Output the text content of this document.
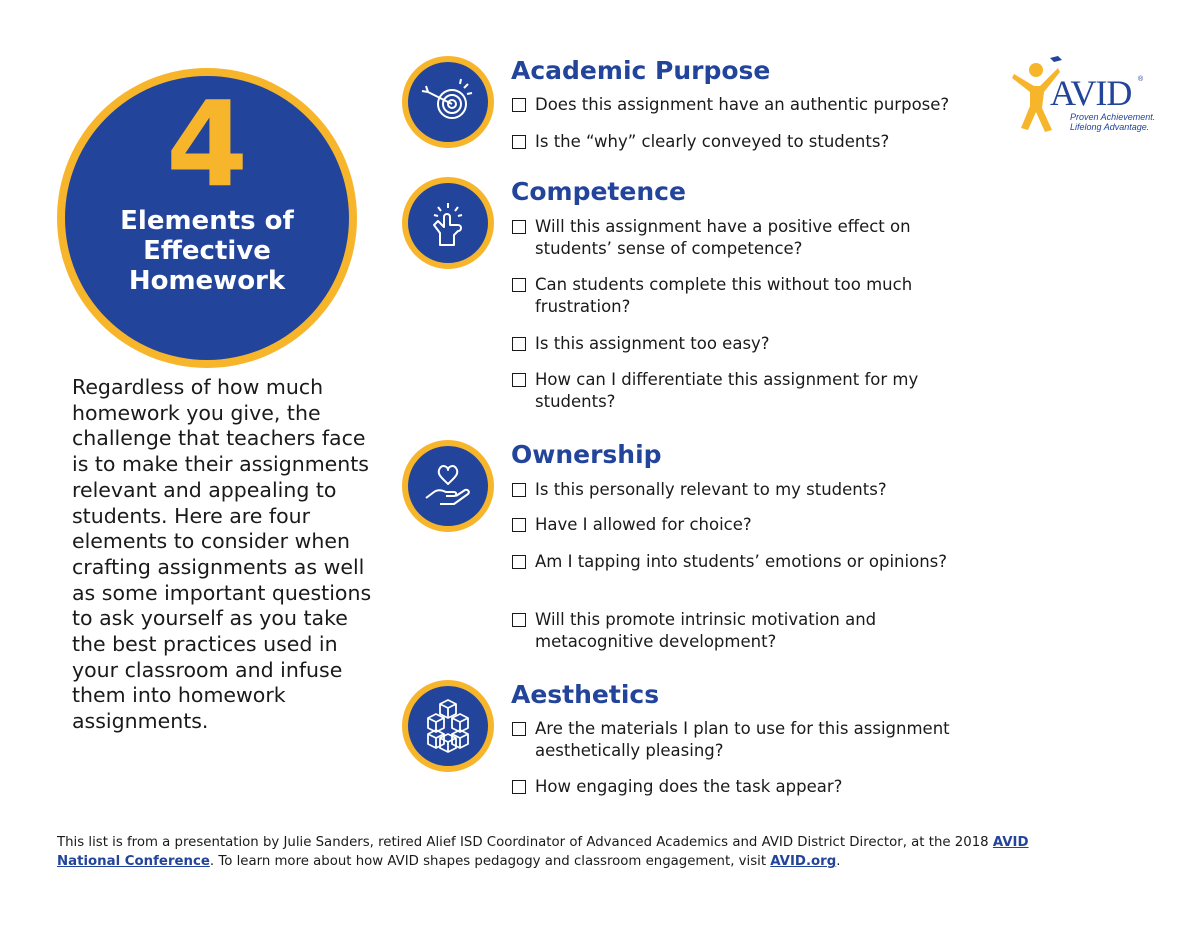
4
Elements of Effective Homework
Regardless of how much homework you give, the challenge that teachers face is to make their assignments relevant and appealing to students. Here are four elements to consider when crafting assignments as well as some important questions to ask yourself as you take the best practices used in your classroom and infuse them into homework assignments.
AVID ®
Proven Achievement.
Lifelong Advantage.
Academic Purpose
Does this assignment have an authentic purpose?
Is the “why” clearly conveyed to students?
Competence
Will this assignment have a positive effect on students’ sense of competence?
Can students complete this without too much frustration?
Is this assignment too easy?
How can I differentiate this assignment for my students?
Ownership
Is this personally relevant to my students?
Have I allowed for choice?
Am I tapping into students’ emotions or opinions?
Will this promote intrinsic motivation and metacognitive development?
Aesthetics
Are the materials I plan to use for this assignment aesthetically pleasing?
How engaging does the task appear?
This list is from a presentation by Julie Sanders, retired Alief ISD Coordinator of Advanced Academics and AVID District Director, at the 2018 AVID National Conference. To learn more about how AVID shapes pedagogy and classroom engagement, visit AVID.org.
